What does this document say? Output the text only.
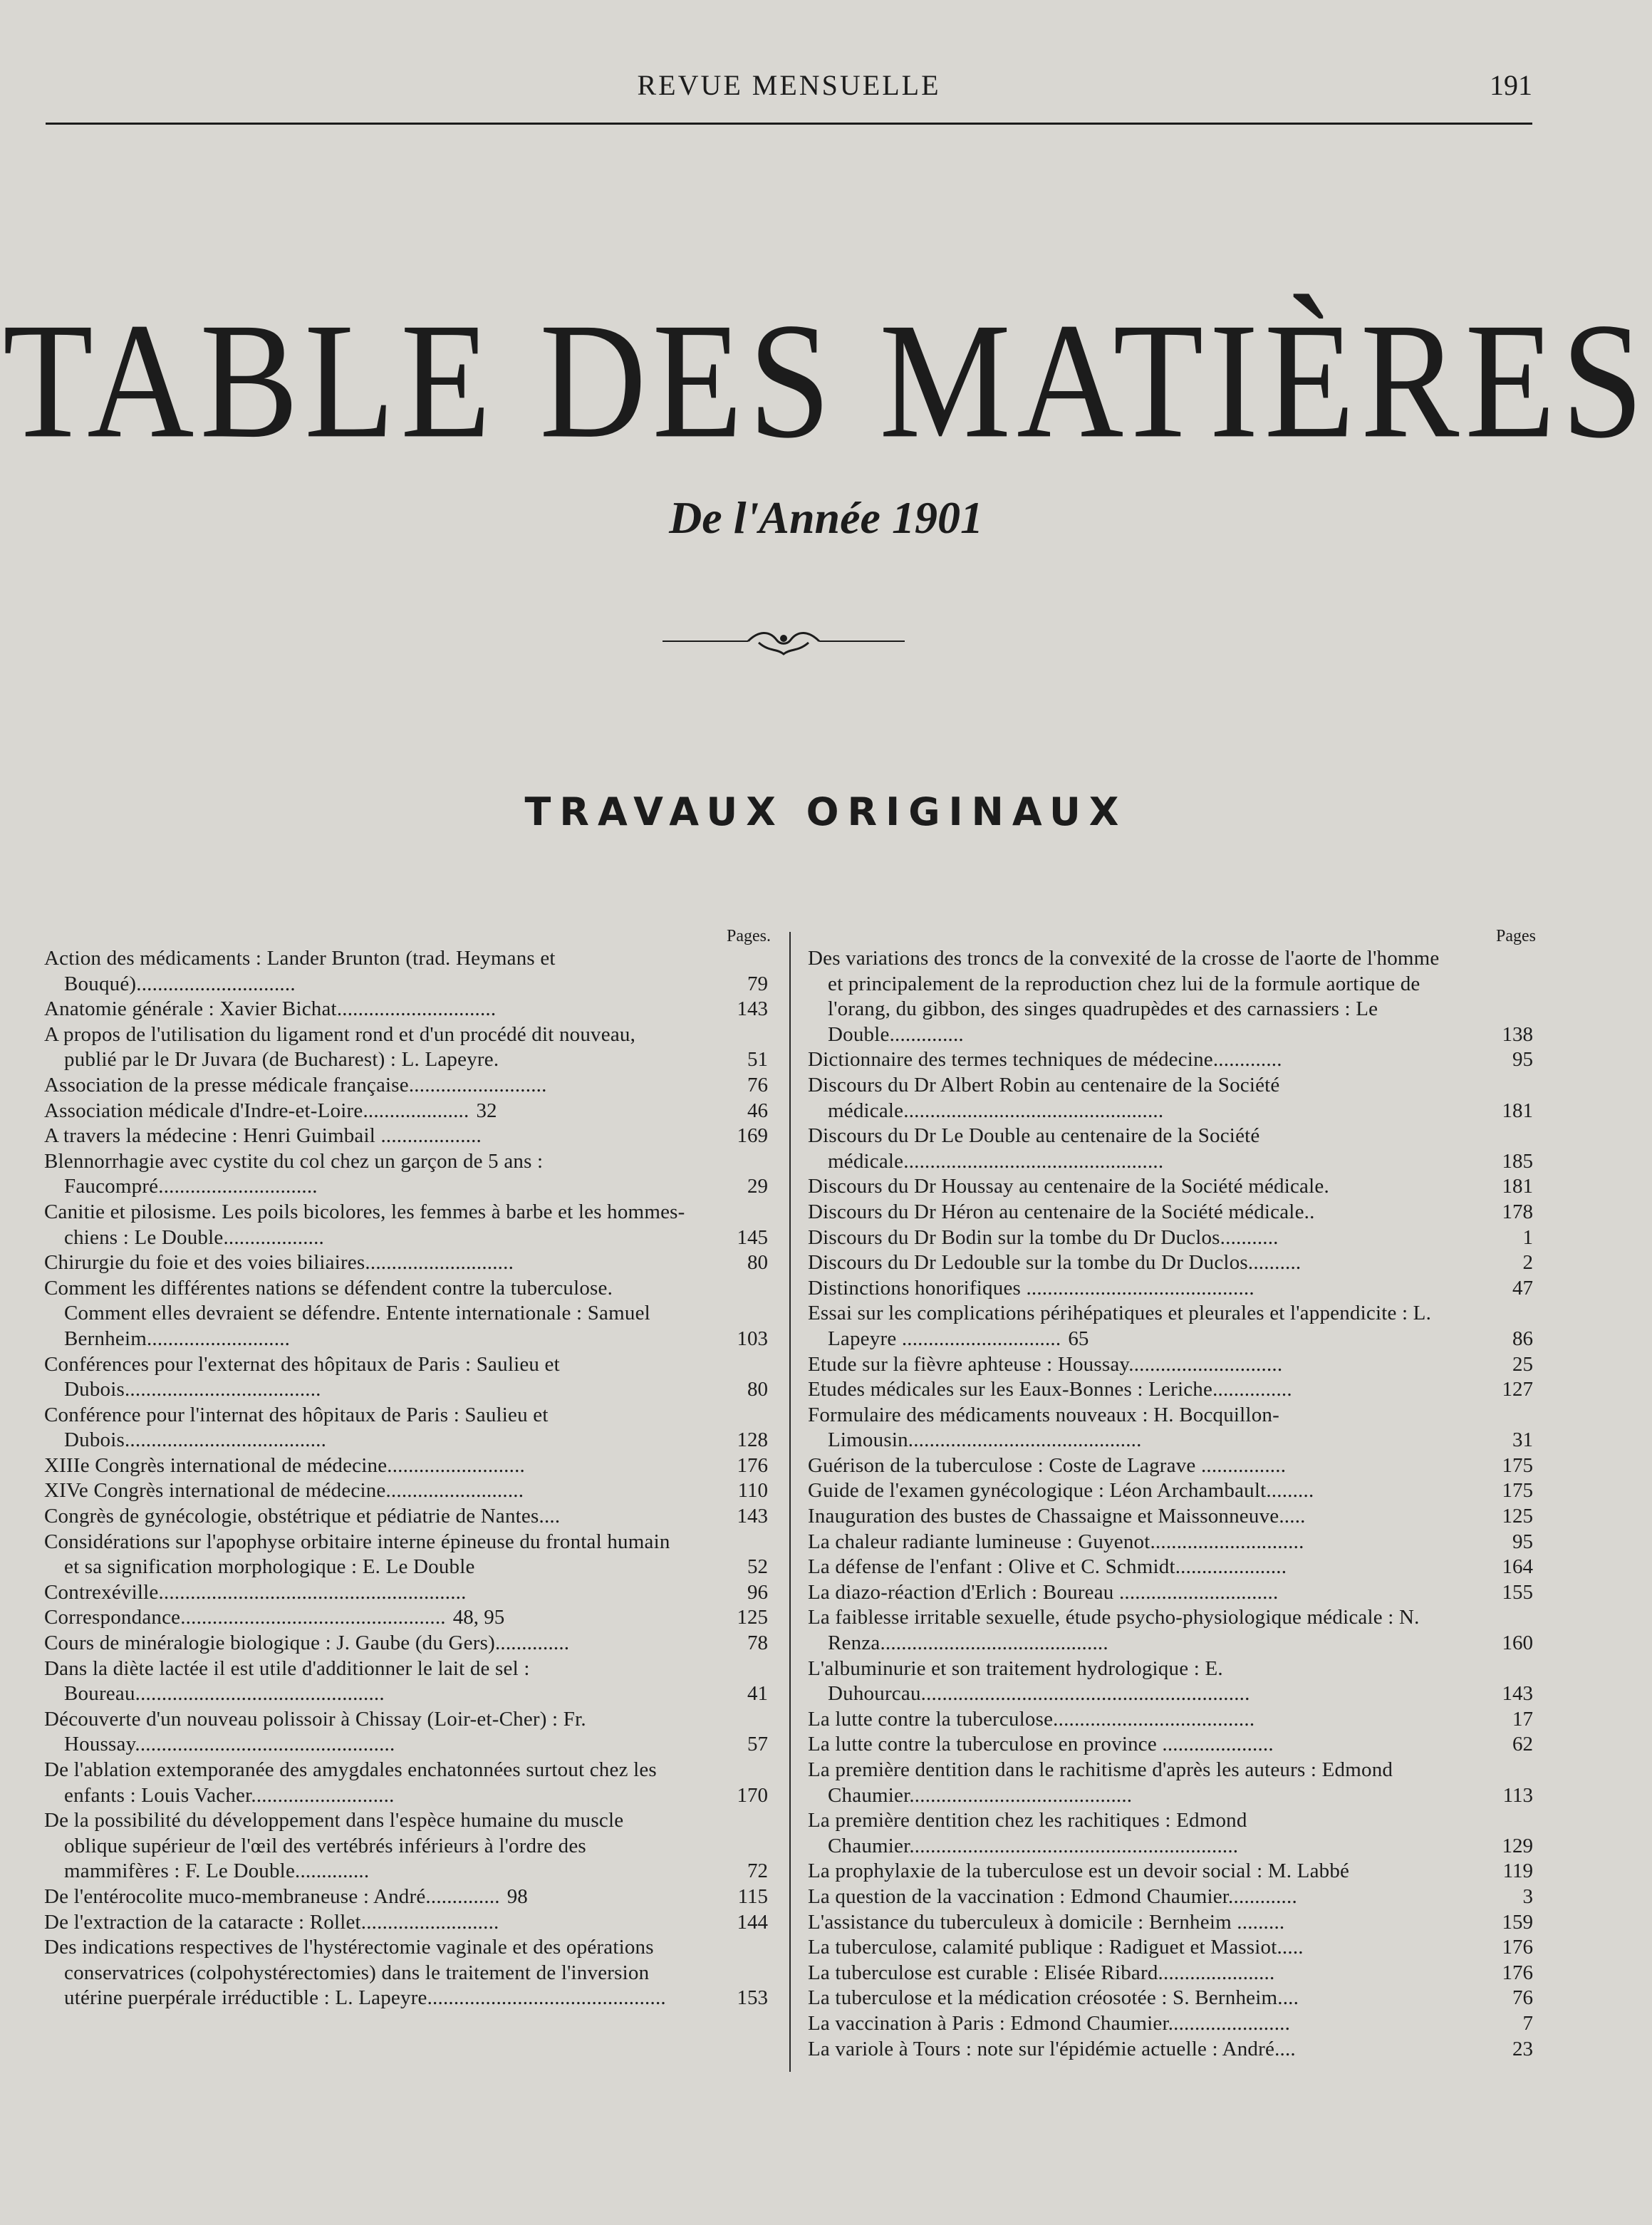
REVUE MENSUELLE	191
TABLE DES MATIÈRES
De l'Année 1901
TRAVAUX ORIGINAUX
Pages.

Action des médicaments : Lander Brunton (trad. Heymans et Bouqué)..............................	79

Anatomie générale : Xavier Bichat..............................	143

A propos de l'utilisation du ligament rond et d'un procédé dit nouveau, publié par le Dr Juvara (de Bucharest) : L. Lapeyre.	51

Association de la presse médicale française..........................	76

Association médicale d'Indre-et-Loire.................... 32	46

A travers la médecine : Henri Guimbail ...................	169

Blennorrhagie avec cystite du col chez un garçon de 5 ans : Faucompré..............................	29

Canitie et pilosisme. Les poils bicolores, les femmes à barbe et les hommes-chiens : Le Double...................	145

Chirurgie du foie et des voies biliaires............................	80

Comment les différentes nations se défendent contre la tuberculose. Comment elles devraient se défendre. Entente internationale : Samuel Bernheim...........................	103

Conférences pour l'externat des hôpitaux de Paris : Saulieu et Dubois.....................................	80

Conférence pour l'internat des hôpitaux de Paris : Saulieu et Dubois......................................	128

XIIIe Congrès international de médecine..........................	176

XIVe Congrès international de médecine..........................	110

Congrès de gynécologie, obstétrique et pédiatrie de Nantes....	143

Considérations sur l'apophyse orbitaire interne épineuse du frontal humain et sa signification morphologique : E. Le Double	52

Contrexéville..........................................................	96

Correspondance.................................................. 48, 95	125

Cours de minéralogie biologique : J. Gaube (du Gers)..............	78

Dans la diète lactée il est utile d'additionner le lait de sel : Boureau...............................................	41

Découverte d'un nouveau polissoir à Chissay (Loir-et-Cher) : Fr. Houssay.................................................	57

De l'ablation extemporanée des amygdales enchatonnées surtout chez les enfants : Louis Vacher...........................	170

De la possibilité du développement dans l'espèce humaine du muscle oblique supérieur de l'œil des vertébrés inférieurs à l'ordre des mammifères : F. Le Double..............	72

De l'entérocolite muco-membraneuse : André.............. 98	115

De l'extraction de la cataracte : Rollet..........................	144

Des indications respectives de l'hystérectomie vaginale et des opérations conservatrices (colpohystérectomies) dans le traitement de l'inversion utérine puerpérale irréductible : L. Lapeyre.............................................	153

Pages

Des variations des troncs de la convexité de la crosse de l'aorte de l'homme et principalement de la reproduction chez lui de la formule aortique de l'orang, du gibbon, des singes quadrupèdes et des carnassiers : Le Double..............	138

Dictionnaire des termes techniques de médecine.............	95

Discours du Dr Albert Robin au centenaire de la Société médicale.................................................	181

Discours du Dr Le Double au centenaire de la Société médicale.................................................	185

Discours du Dr Houssay au centenaire de la Société médicale.	181

Discours du Dr Héron au centenaire de la Société médicale..	178

Discours du Dr Bodin sur la tombe du Dr Duclos...........	1

Discours du Dr Ledouble sur la tombe du Dr Duclos..........	2

Distinctions honorifiques ...........................................	47

Essai sur les complications périhépatiques et pleurales et l'appendicite : L. Lapeyre .............................. 65	86

Etude sur la fièvre aphteuse : Houssay.............................	25

Etudes médicales sur les Eaux-Bonnes : Leriche...............	127

Formulaire des médicaments nouveaux : H. Bocquillon-Limousin............................................	31

Guérison de la tuberculose : Coste de Lagrave ................	175

Guide de l'examen gynécologique : Léon Archambault.........	175

Inauguration des bustes de Chassaigne et Maissonneuve.....	125

La chaleur radiante lumineuse : Guyenot.............................	95

La défense de l'enfant : Olive et C. Schmidt.....................	164

La diazo-réaction d'Erlich : Boureau ..............................	155

La faiblesse irritable sexuelle, étude psycho-physiologique médicale : N. Renza...........................................	160

L'albuminurie et son traitement hydrologique : E. Duhourcau..............................................................	143

La lutte contre la tuberculose......................................	17

La lutte contre la tuberculose en province .....................	62

La première dentition dans le rachitisme d'après les auteurs : Edmond Chaumier..........................................	113

La première dentition chez les rachitiques : Edmond Chaumier..............................................................	129

La prophylaxie de la tuberculose est un devoir social : M. Labbé	119

La question de la vaccination : Edmond Chaumier.............	3

L'assistance du tuberculeux à domicile : Bernheim .........	159

La tuberculose, calamité publique : Radiguet et Massiot.....	176

La tuberculose est curable : Elisée Ribard......................	176

La tuberculose et la médication créosotée : S. Bernheim....	76

La vaccination à Paris : Edmond Chaumier.......................	7

La variole à Tours : note sur l'épidémie actuelle : André....	23
